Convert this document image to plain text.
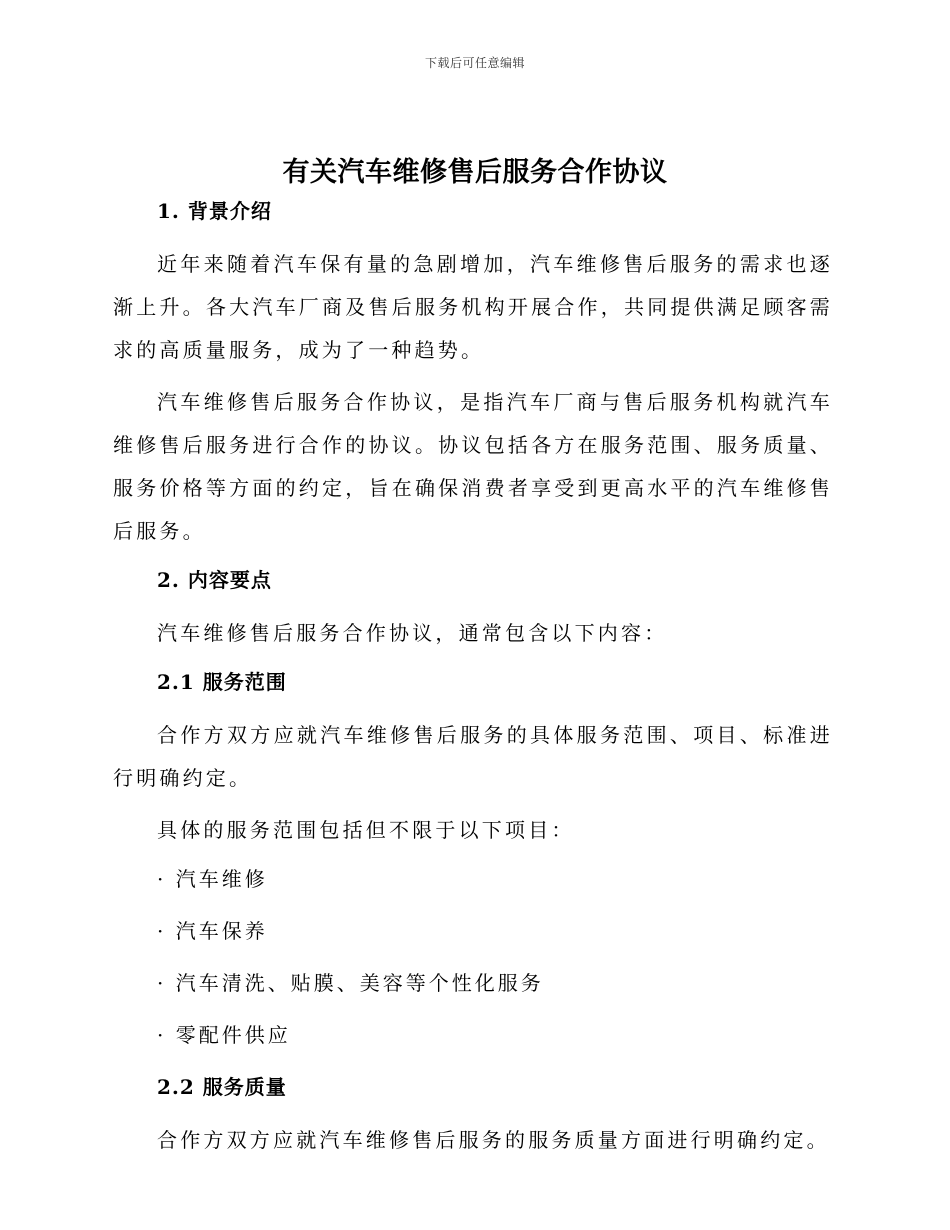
下载后可任意编辑
有关汽车维修售后服务合作协议
1. 背景介绍
近年来随着汽车保有量的急剧增加，汽车维修售后服务的需求也逐渐上升。各大汽车厂商及售后服务机构开展合作，共同提供满足顾客需求的高质量服务，成为了一种趋势。
汽车维修售后服务合作协议，是指汽车厂商与售后服务机构就汽车维修售后服务进行合作的协议。协议包括各方在服务范围、服务质量、服务价格等方面的约定，旨在确保消费者享受到更高水平的汽车维修售后服务。
2. 内容要点
汽车维修售后服务合作协议，通常包含以下内容：
2.1 服务范围
合作方双方应就汽车维修售后服务的具体服务范围、项目、标准进行明确约定。
具体的服务范围包括但不限于以下项目：
· 汽车维修
· 汽车保养
· 汽车清洗、贴膜、美容等个性化服务
· 零配件供应
2.2 服务质量
合作方双方应就汽车维修售后服务的服务质量方面进行明确约定。
